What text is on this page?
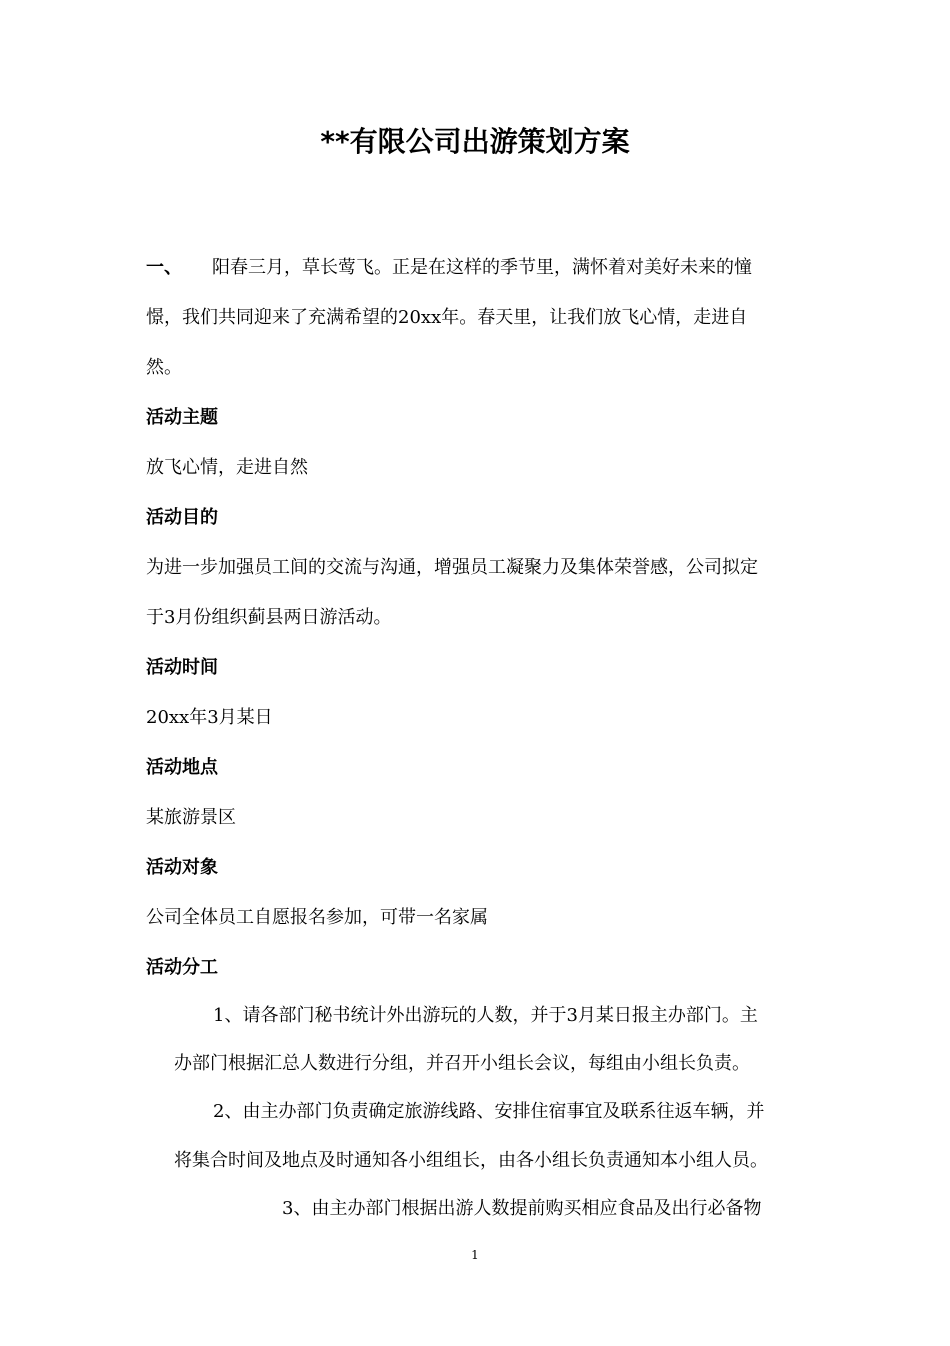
**有限公司出游策划方案

一、 阳春三月，草长莺飞。正是在这样的季节里，满怀着对美好未来的憧

憬，我们共同迎来了充满希望的20xx年。春天里，让我们放飞心情，走进自

然。

活动主题

放飞心情，走进自然

活动目的

为进一步加强员工间的交流与沟通，增强员工凝聚力及集体荣誉感，公司拟定

于3月份组织蓟县两日游活动。

活动时间

20xx年3月某日

活动地点

某旅游景区

活动对象

公司全体员工自愿报名参加，可带一名家属

活动分工

1、请各部门秘书统计外出游玩的人数，并于3月某日报主办部门。主

办部门根据汇总人数进行分组，并召开小组长会议，每组由小组长负责。

2、由主办部门负责确定旅游线路、安排住宿事宜及联系往返车辆，并

将集合时间及地点及时通知各小组组长，由各小组长负责通知本小组人员。

3、由主办部门根据出游人数提前购买相应食品及出行必备物

1
